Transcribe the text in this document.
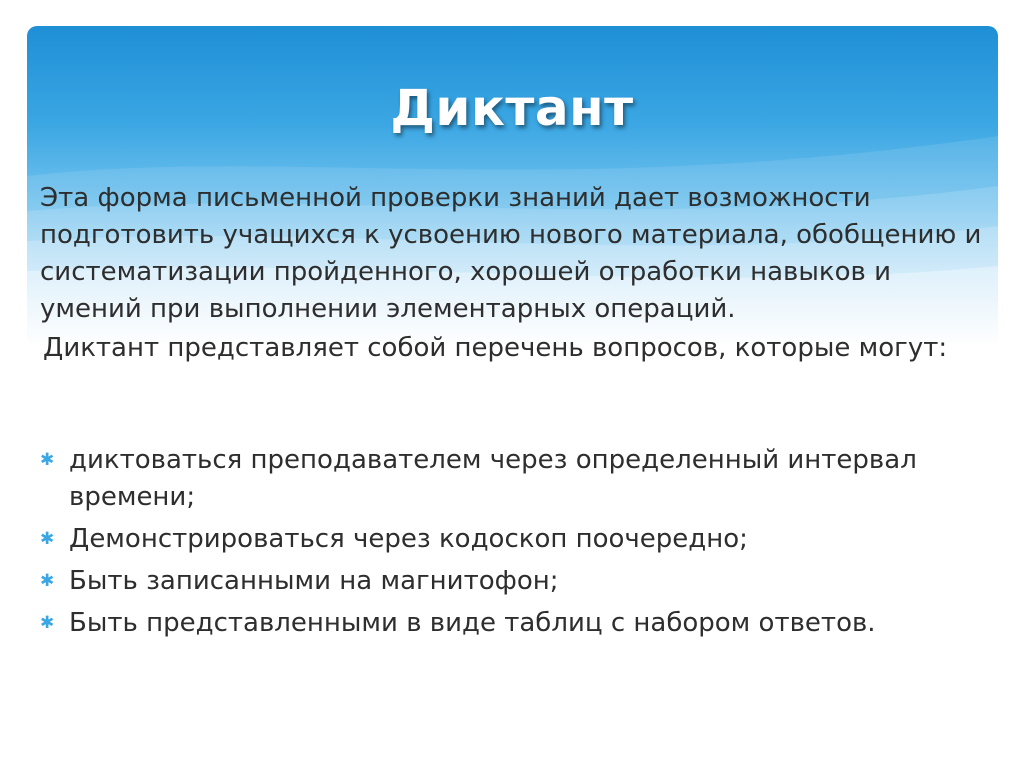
Диктант

Эта форма письменной проверки знаний дает возможности подготовить учащихся к усвоению нового материала, обобщению и систематизации пройденного, хорошей отработки навыков и умений при выполнении элементарных операций.

Диктант представляет собой перечень вопросов, которые могут:

✱ диктоваться преподавателем через определенный интервал времени;
✱ Демонстрироваться через кодоскоп поочередно;
✱ Быть записанными на магнитофон;
✱ Быть представленными в виде таблиц с набором ответов.
